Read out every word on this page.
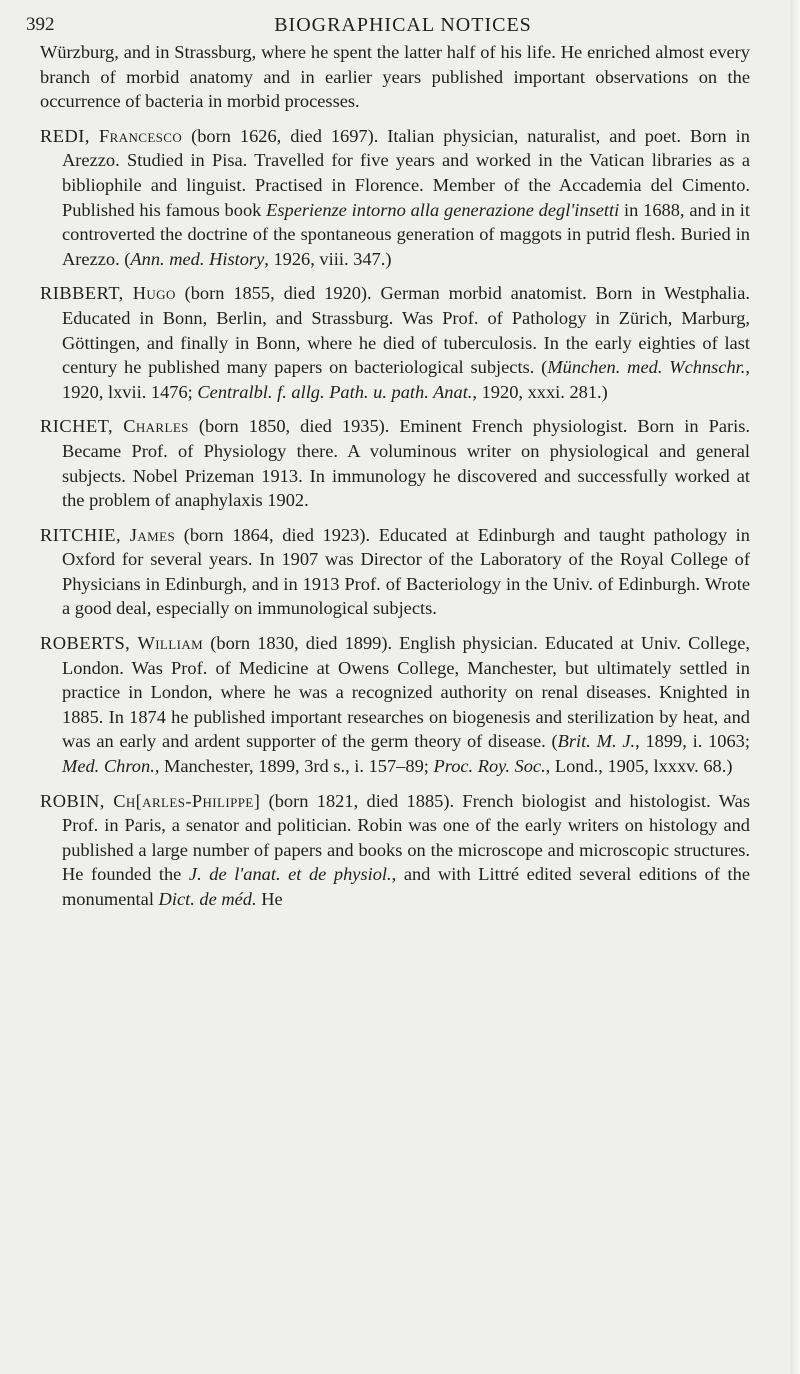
392	BIOGRAPHICAL NOTICES

Würzburg, and in Strassburg, where he spent the latter half of his life. He enriched almost every branch of morbid anatomy and in earlier years published important observations on the occurrence of bacteria in morbid processes.

REDI, Francesco (born 1626, died 1697). Italian physician, naturalist, and poet. Born in Arezzo. Studied in Pisa. Travelled for five years and worked in the Vatican libraries as a bibliophile and linguist. Practised in Florence. Member of the Accademia del Cimento. Published his famous book Esperienze intorno alla generazione degl'insetti in 1688, and in it controverted the doctrine of the spontaneous generation of maggots in putrid flesh. Buried in Arezzo. (Ann. med. History, 1926, viii. 347.)

RIBBERT, Hugo (born 1855, died 1920). German morbid anatomist. Born in Westphalia. Educated in Bonn, Berlin, and Strassburg. Was Prof. of Pathology in Zürich, Marburg, Göttingen, and finally in Bonn, where he died of tuberculosis. In the early eighties of last century he published many papers on bacteriological subjects. (München. med. Wchnschr., 1920, lxvii. 1476; Centralbl. f. allg. Path. u. path. Anat., 1920, xxxi. 281.)

RICHET, Charles (born 1850, died 1935). Eminent French physiologist. Born in Paris. Became Prof. of Physiology there. A voluminous writer on physiological and general subjects. Nobel Prizeman 1913. In immunology he discovered and successfully worked at the problem of anaphylaxis 1902.

RITCHIE, James (born 1864, died 1923). Educated at Edinburgh and taught pathology in Oxford for several years. In 1907 was Director of the Laboratory of the Royal College of Physicians in Edinburgh, and in 1913 Prof. of Bacteriology in the Univ. of Edinburgh. Wrote a good deal, especially on immunological subjects.

ROBERTS, William (born 1830, died 1899). English physician. Educated at Univ. College, London. Was Prof. of Medicine at Owens College, Manchester, but ultimately settled in practice in London, where he was a recognized authority on renal diseases. Knighted in 1885. In 1874 he published important researches on biogenesis and sterilization by heat, and was an early and ardent supporter of the germ theory of disease. (Brit. M. J., 1899, i. 1063; Med. Chron., Manchester, 1899, 3rd s., i. 157–89; Proc. Roy. Soc., Lond., 1905, lxxxv. 68.)

ROBIN, Ch[arles-Philippe] (born 1821, died 1885). French biologist and histologist. Was Prof. in Paris, a senator and politician. Robin was one of the early writers on histology and published a large number of papers and books on the microscope and microscopic structures. He founded the J. de l'anat. et de physiol., and with Littré edited several editions of the monumental Dict. de méd. He
